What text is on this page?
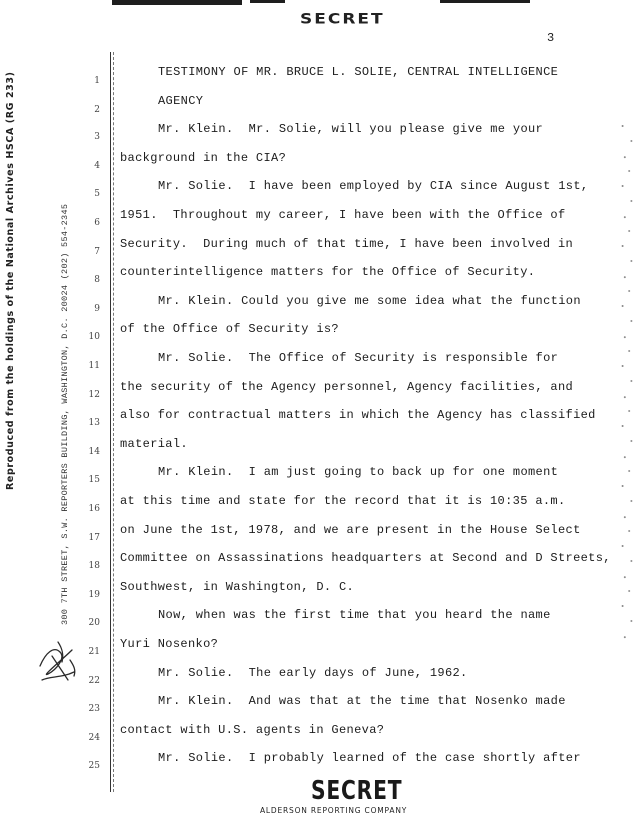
SECRET
3
Reproduced from the holdings of the National Archives HSCA (RG 233)	300 7TH STREET, S.W. REPORTERS BUILDING, WASHINGTON, D.C. 20024 (202) 554-2345
1
2
3
4
5
6
7
8
9
10
11
12
13
14
15
16
17
18
19
20
21
22
23
24
25
TESTIMONY OF MR. BRUCE L. SOLIE, CENTRAL INTELLIGENCE
AGENCY
Mr. Klein.  Mr. Solie, will you please give me your
background in the CIA?
Mr. Solie.  I have been employed by CIA since August 1st,
1951.  Throughout my career, I have been with the Office of
Security.  During much of that time, I have been involved in
counterintelligence matters for the Office of Security.
Mr. Klein. Could you give me some idea what the function
of the Office of Security is?
Mr. Solie.  The Office of Security is responsible for
the security of the Agency personnel, Agency facilities, and
also for contractual matters in which the Agency has classified
material.
Mr. Klein.  I am just going to back up for one moment
at this time and state for the record that it is 10:35 a.m.
on June the 1st, 1978, and we are present in the House Select
Committee on Assassinations headquarters at Second and D Streets,
Southwest, in Washington, D. C.
Now, when was the first time that you heard the name
Yuri Nosenko?
Mr. Solie.  The early days of June, 1962.
Mr. Klein.  And was that at the time that Nosenko made
contact with U.S. agents in Geneva?
Mr. Solie.  I probably learned of the case shortly after
SECRET
ALDERSON REPORTING COMPANY
